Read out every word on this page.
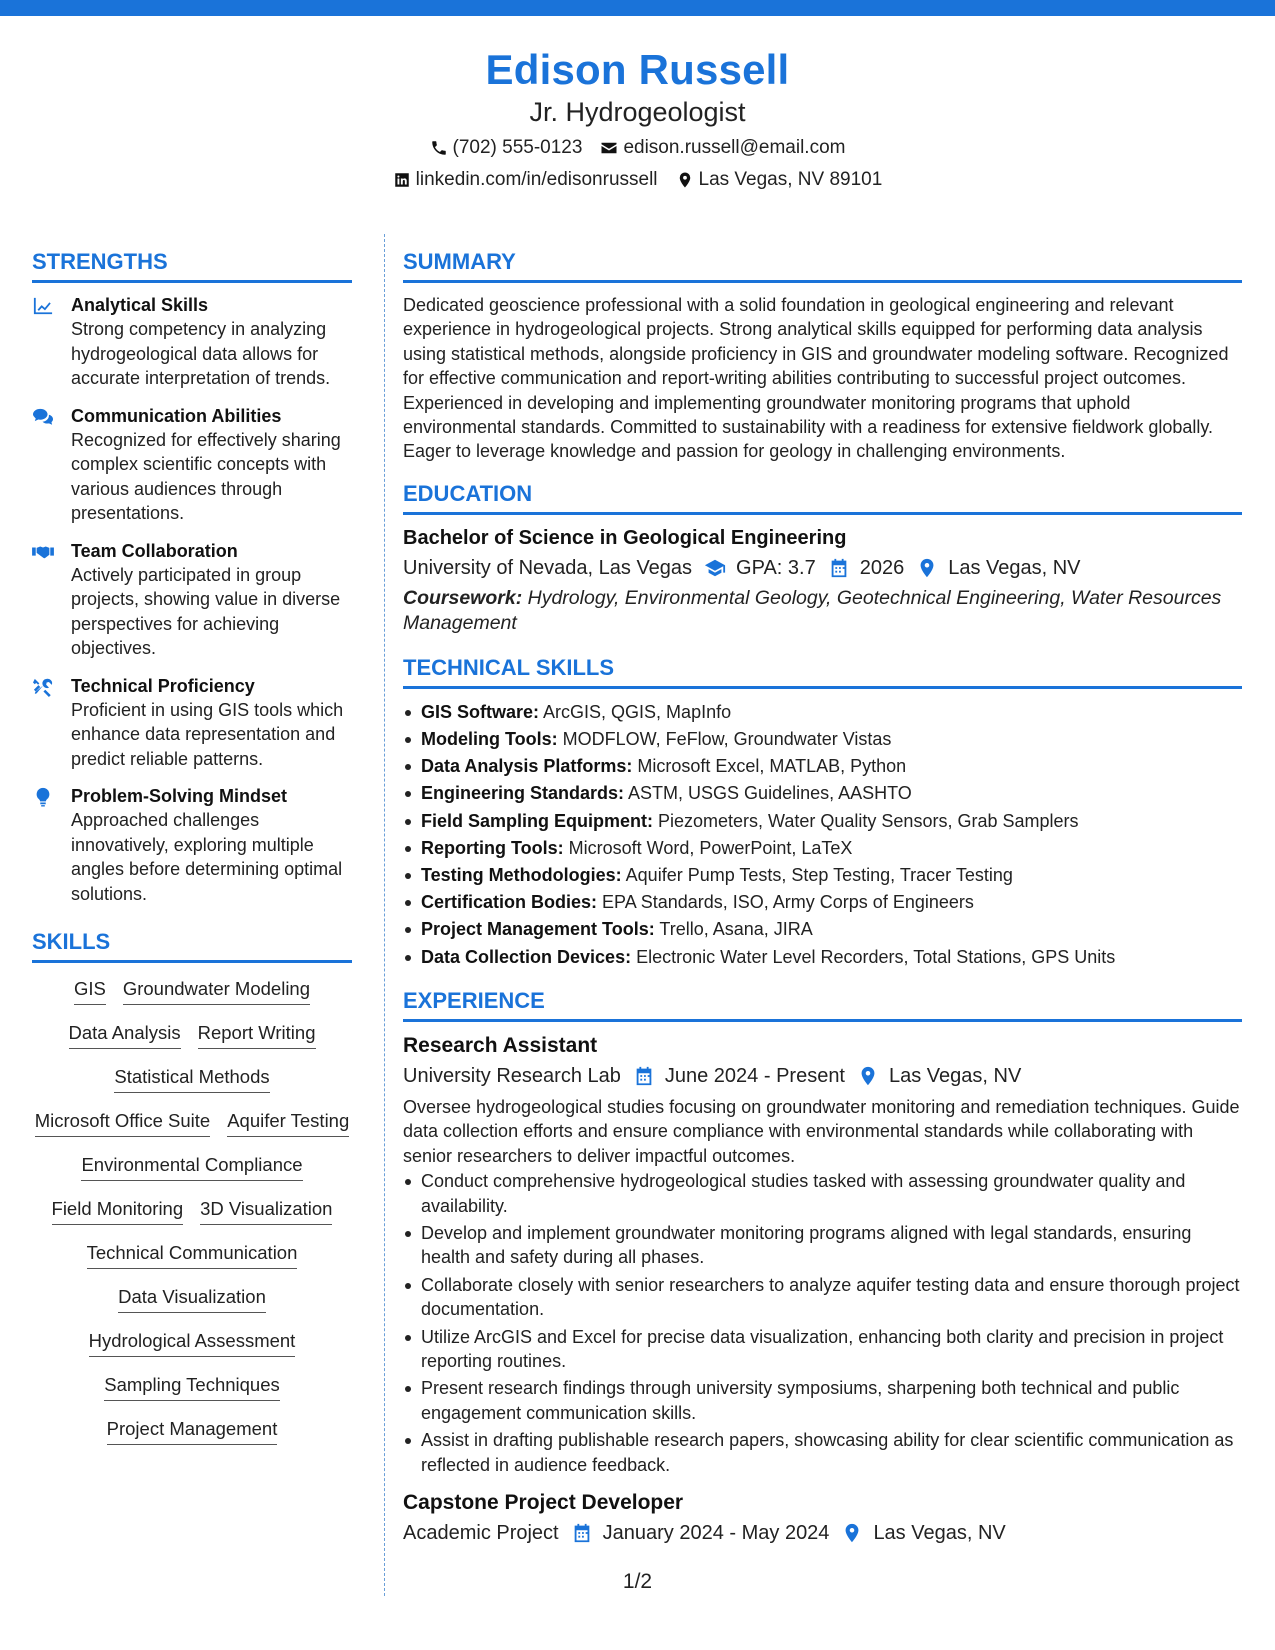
Edison Russell
Jr. Hydrogeologist
(702) 555-0123 edison.russell@email.com
linkedin.com/in/edisonrussell Las Vegas, NV 89101
STRENGTHS
Analytical Skills
Strong competency in analyzing hydrogeological data allows for accurate interpretation of trends.
Communication Abilities
Recognized for effectively sharing complex scientific concepts with various audiences through presentations.
Team Collaboration
Actively participated in group projects, showing value in diverse perspectives for achieving objectives.
Technical Proficiency
Proficient in using GIS tools which enhance data representation and predict reliable patterns.
Problem-Solving Mindset
Approached challenges innovatively, exploring multiple angles before determining optimal solutions.
SKILLS
GIS Groundwater Modeling
Data Analysis Report Writing
Statistical Methods
Microsoft Office Suite Aquifer Testing
Environmental Compliance
Field Monitoring 3D Visualization
Technical Communication
Data Visualization
Hydrological Assessment
Sampling Techniques
Project Management
SUMMARY
Dedicated geoscience professional with a solid foundation in geological engineering and relevant experience in hydrogeological projects. Strong analytical skills equipped for performing data analysis using statistical methods, alongside proficiency in GIS and groundwater modeling software. Recognized for effective communication and report-writing abilities contributing to successful project outcomes. Experienced in developing and implementing groundwater monitoring programs that uphold environmental standards. Committed to sustainability with a readiness for extensive fieldwork globally. Eager to leverage knowledge and passion for geology in challenging environments.
EDUCATION
Bachelor of Science in Geological Engineering
University of Nevada, Las Vegas GPA: 3.7 2026 Las Vegas, NV
Coursework: Hydrology, Environmental Geology, Geotechnical Engineering, Water Resources Management
TECHNICAL SKILLS
GIS Software: ArcGIS, QGIS, MapInfo
Modeling Tools: MODFLOW, FeFlow, Groundwater Vistas
Data Analysis Platforms: Microsoft Excel, MATLAB, Python
Engineering Standards: ASTM, USGS Guidelines, AASHTO
Field Sampling Equipment: Piezometers, Water Quality Sensors, Grab Samplers
Reporting Tools: Microsoft Word, PowerPoint, LaTeX
Testing Methodologies: Aquifer Pump Tests, Step Testing, Tracer Testing
Certification Bodies: EPA Standards, ISO, Army Corps of Engineers
Project Management Tools: Trello, Asana, JIRA
Data Collection Devices: Electronic Water Level Recorders, Total Stations, GPS Units
EXPERIENCE
Research Assistant
University Research Lab June 2024 - Present Las Vegas, NV
Oversee hydrogeological studies focusing on groundwater monitoring and remediation techniques. Guide data collection efforts and ensure compliance with environmental standards while collaborating with senior researchers to deliver impactful outcomes.
Conduct comprehensive hydrogeological studies tasked with assessing groundwater quality and availability.
Develop and implement groundwater monitoring programs aligned with legal standards, ensuring health and safety during all phases.
Collaborate closely with senior researchers to analyze aquifer testing data and ensure thorough project documentation.
Utilize ArcGIS and Excel for precise data visualization, enhancing both clarity and precision in project reporting routines.
Present research findings through university symposiums, sharpening both technical and public engagement communication skills.
Assist in drafting publishable research papers, showcasing ability for clear scientific communication as reflected in audience feedback.
Capstone Project Developer
Academic Project January 2024 - May 2024 Las Vegas, NV
1/2
